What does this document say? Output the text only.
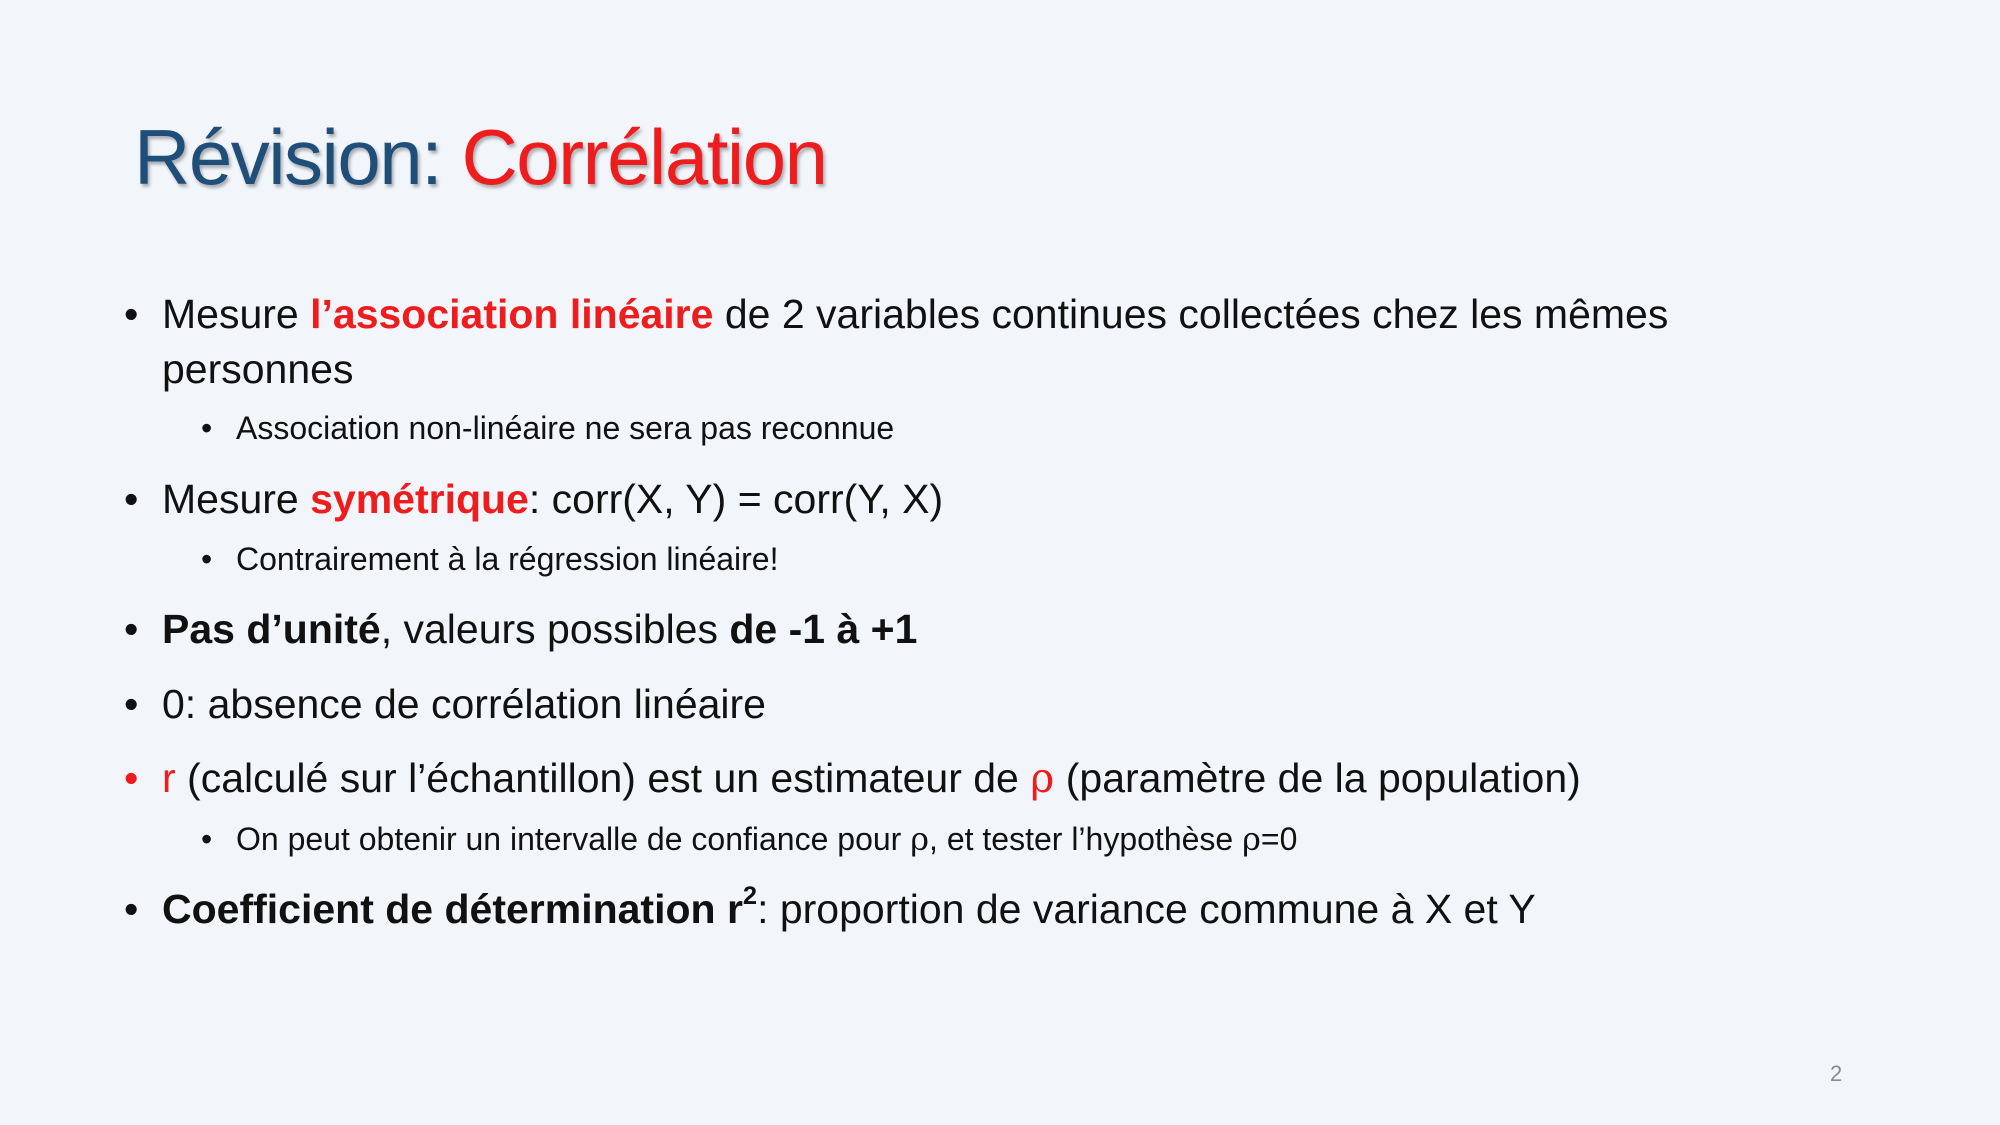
Révision: Corrélation
• Mesure l’association linéaire de 2 variables continues collectées chez les mêmes
personnes
• Association non-linéaire ne sera pas reconnue
• Mesure symétrique: corr(X, Y) = corr(Y, X)
• Contrairement à la régression linéaire!
• Pas d’unité, valeurs possibles de -1 à +1
• 0: absence de corrélation linéaire
• r (calculé sur l’échantillon) est un estimateur de ρ (paramètre de la population)
• On peut obtenir un intervalle de confiance pour ρ, et tester l’hypothèse ρ=0
• Coefficient de détermination $r^2$: proportion de variance commune à X et Y
2
